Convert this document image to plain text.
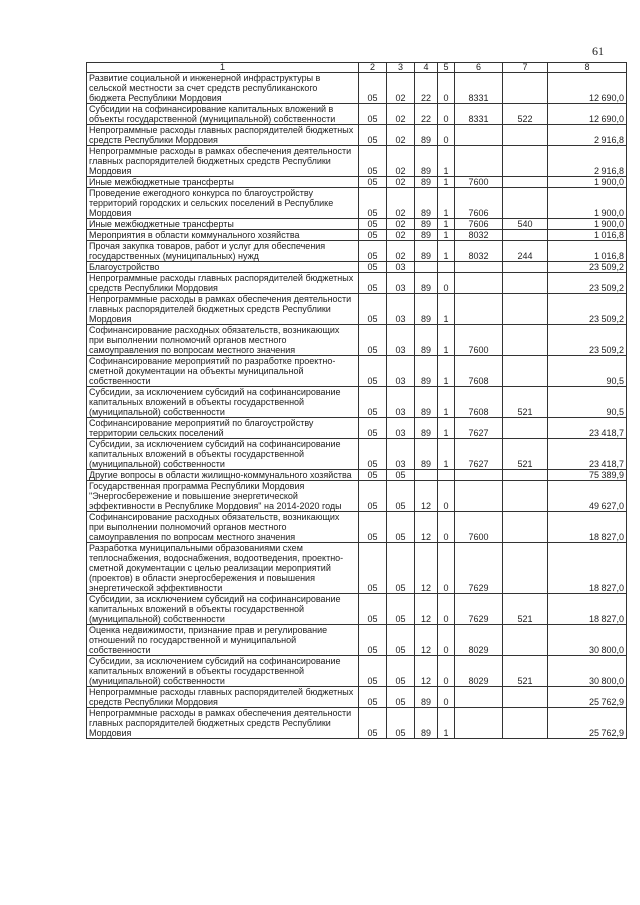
61
1	2	3	4	5	6	7	8
Развитие социальной и инженерной инфраструктуры в сельской местности за счет средств республиканского бюджета Республики Мордовия	05	02	22	0	8331		12 690,0
Субсидии на софинансирование капитальных вложений в объекты государственной (муниципальной) собственности	05	02	22	0	8331	522	12 690,0
Непрограммные расходы главных распорядителей бюджетных средств Республики Мордовия	05	02	89	0			2 916,8
Непрограммные расходы в рамках обеспечения деятельности главных распорядителей бюджетных средств Республики Мордовия	05	02	89	1			2 916,8
Иные межбюджетные трансферты	05	02	89	1	7600		1 900,0
Проведение ежегодного конкурса по благоустройству территорий городских и сельских поселений в Республике Мордовия	05	02	89	1	7606		1 900,0
Иные межбюджетные трансферты	05	02	89	1	7606	540	1 900,0
Мероприятия в области коммунального хозяйства	05	02	89	1	8032		1 016,8
Прочая закупка товаров, работ и услуг для обеспечения государственных (муниципальных) нужд	05	02	89	1	8032	244	1 016,8
Благоустройство	05	03					23 509,2
Непрограммные расходы главных распорядителей бюджетных средств Республики Мордовия	05	03	89	0			23 509,2
Непрограммные расходы в рамках обеспечения деятельности главных распорядителей бюджетных средств Республики Мордовия	05	03	89	1			23 509,2
Софинансирование расходных обязательств, возникающих при выполнении полномочий органов местного самоуправления по вопросам местного значения	05	03	89	1	7600		23 509,2
Софинансирование мероприятий по разработке проектно-сметной документации на объекты муниципальной собственности	05	03	89	1	7608		90,5
Субсидии, за исключением субсидий на софинансирование капитальных вложений в объекты государственной (муниципальной) собственности	05	03	89	1	7608	521	90,5
Софинансирование мероприятий по благоустройству территории сельских поселений	05	03	89	1	7627		23 418,7
Субсидии, за исключением субсидий на софинансирование капитальных вложений в объекты государственной (муниципальной) собственности	05	03	89	1	7627	521	23 418,7
Другие вопросы в области жилищно-коммунального хозяйства	05	05					75 389,9
Государственная программа Республики Мордовия "Энергосбережение и повышение энергетической эффективности в Республике Мордовия" на 2014-2020 годы	05	05	12	0			49 627,0
Софинансирование расходных обязательств, возникающих при выполнении полномочий органов местного самоуправления по вопросам местного значения	05	05	12	0	7600		18 827,0
Разработка муниципальными образованиями схем теплоснабжения, водоснабжения, водоотведения, проектно-сметной документации с целью реализации мероприятий (проектов) в области энергосбережения и повышения энергетической эффективности	05	05	12	0	7629		18 827,0
Субсидии, за исключением субсидий на софинансирование капитальных вложений в объекты государственной (муниципальной) собственности	05	05	12	0	7629	521	18 827,0
Оценка недвижимости, признание прав и регулирование отношений по государственной и муниципальной собственности	05	05	12	0	8029		30 800,0
Субсидии, за исключением субсидий на софинансирование капитальных вложений в объекты государственной (муниципальной) собственности	05	05	12	0	8029	521	30 800,0
Непрограммные расходы главных распорядителей бюджетных средств Республики Мордовия	05	05	89	0			25 762,9
Непрограммные расходы в рамках обеспечения деятельности главных распорядителей бюджетных средств Республики Мордовия	05	05	89	1			25 762,9
